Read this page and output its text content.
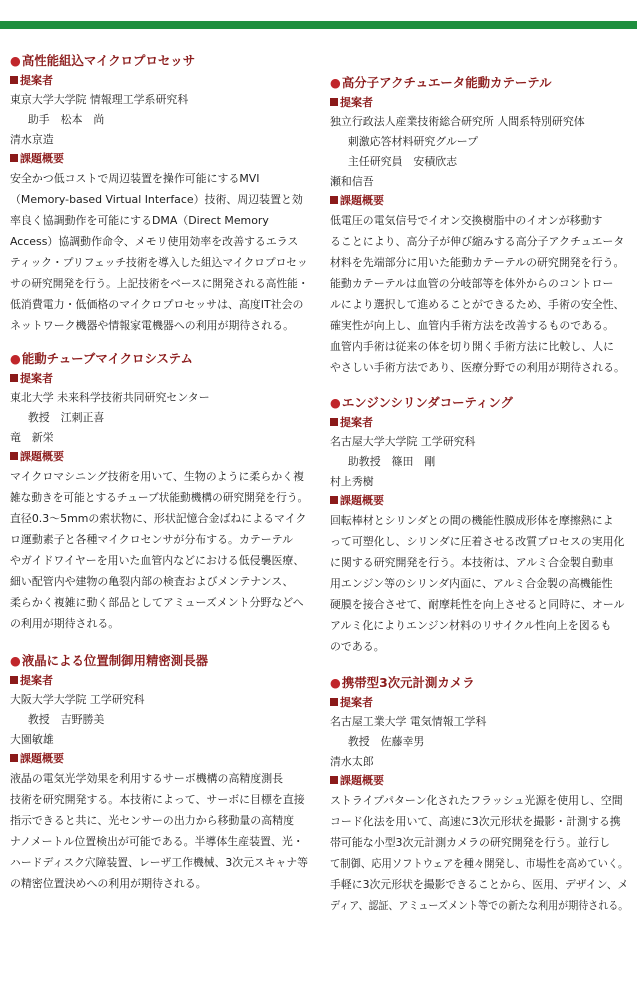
●高性能組込マイクロプロセッサ
提案者
東京大学大学院 情報理工学系研究科
助手　松本　尚
清水京造
課題概要
安全かつ低コストで周辺装置を操作可能にするMVI
（Memory-based Virtual Interface）技術、周辺装置と効
率良く協調動作を可能にするDMA（Direct Memory
Access）協調動作命令、メモリ使用効率を改善するエラス
ティック・プリフェッチ技術を導入した組込マイクロプロセッ
サの研究開発を行う。上記技術をベースに開発される高性能・
低消費電力・低価格のマイクロプロセッサは、高度IT社会の
ネットワーク機器や情報家電機器への利用が期待される。
●能動チューブマイクロシステム
提案者
東北大学 未来科学技術共同研究センター
教授　江刺正喜
竜　新栄
課題概要
マイクロマシニング技術を用いて、生物のように柔らかく複
雑な動きを可能とするチューブ状能動機構の研究開発を行う。
直径0.3～5mmの索状物に、形状記憶合金ばねによるマイク
ロ運動素子と各種マイクロセンサが分布する。カテーテル
やガイドワイヤーを用いた血管内などにおける低侵襲医療、
細い配管内や建物の亀裂内部の検査およびメンテナンス、
柔らかく複雑に動く部品としてアミューズメント分野などへ
の利用が期待される。
●液晶による位置制御用精密測長器
提案者
大阪大学大学院 工学研究科
教授　吉野勝美
大園敏雄
課題概要
液晶の電気光学効果を利用するサーボ機構の高精度測長
技術を研究開発する。本技術によって、サーボに目標を直接
指示できると共に、光センサーの出力から移動量の高精度
ナノメートル位置検出が可能である。半導体生産装置、光・
ハードディスク穴障装置、レーザ工作機械、3次元スキャナ等
の精密位置決めへの利用が期待される。
●高分子アクチュエータ能動カテーテル
提案者
独立行政法人産業技術総合研究所 人間系特別研究体
刺激応答材料研究グループ
主任研究員　安積欣志
瀬和信吾
課題概要
低電圧の電気信号でイオン交換樹脂中のイオンが移動す
ることにより、高分子が伸び縮みする高分子アクチュエータ
材料を先端部分に用いた能動カテーテルの研究開発を行う。
能動カテーテルは血管の分岐部等を体外からのコントロー
ルにより選択して進めることができるため、手術の安全性、
確実性が向上し、血管内手術方法を改善するものである。
血管内手術は従来の体を切り開く手術方法に比較し、人に
やさしい手術方法であり、医療分野での利用が期待される。
●エンジンシリンダコーティング
提案者
名古屋大学大学院 工学研究科
助教授　篠田　剛
村上秀樹
課題概要
回転棒材とシリンダとの間の機能性膜成形体を摩擦熱によ
って可塑化し、シリンダに圧着させる改質プロセスの実用化
に関する研究開発を行う。本技術は、アルミ合金製自動車
用エンジン等のシリンダ内面に、アルミ合金製の高機能性
硬膜を接合させて、耐摩耗性を向上させると同時に、オール
アルミ化によりエンジン材料のリサイクル性向上を図るも
のである。
●携帯型3次元計測カメラ
提案者
名古屋工業大学 電気情報工学科
教授　佐藤幸男
清水太郎
課題概要
ストライプパターン化されたフラッシュ光源を使用し、空間
コード化法を用いて、高速に3次元形状を撮影・計測する携
帯可能な小型3次元計測カメラの研究開発を行う。並行し
て制御、応用ソフトウェアを種々開発し、市場性を高めていく。
手軽に3次元形状を撮影できることから、医用、デザイン、メ
ディア、認証、アミューズメント等での新たな利用が期待される。
